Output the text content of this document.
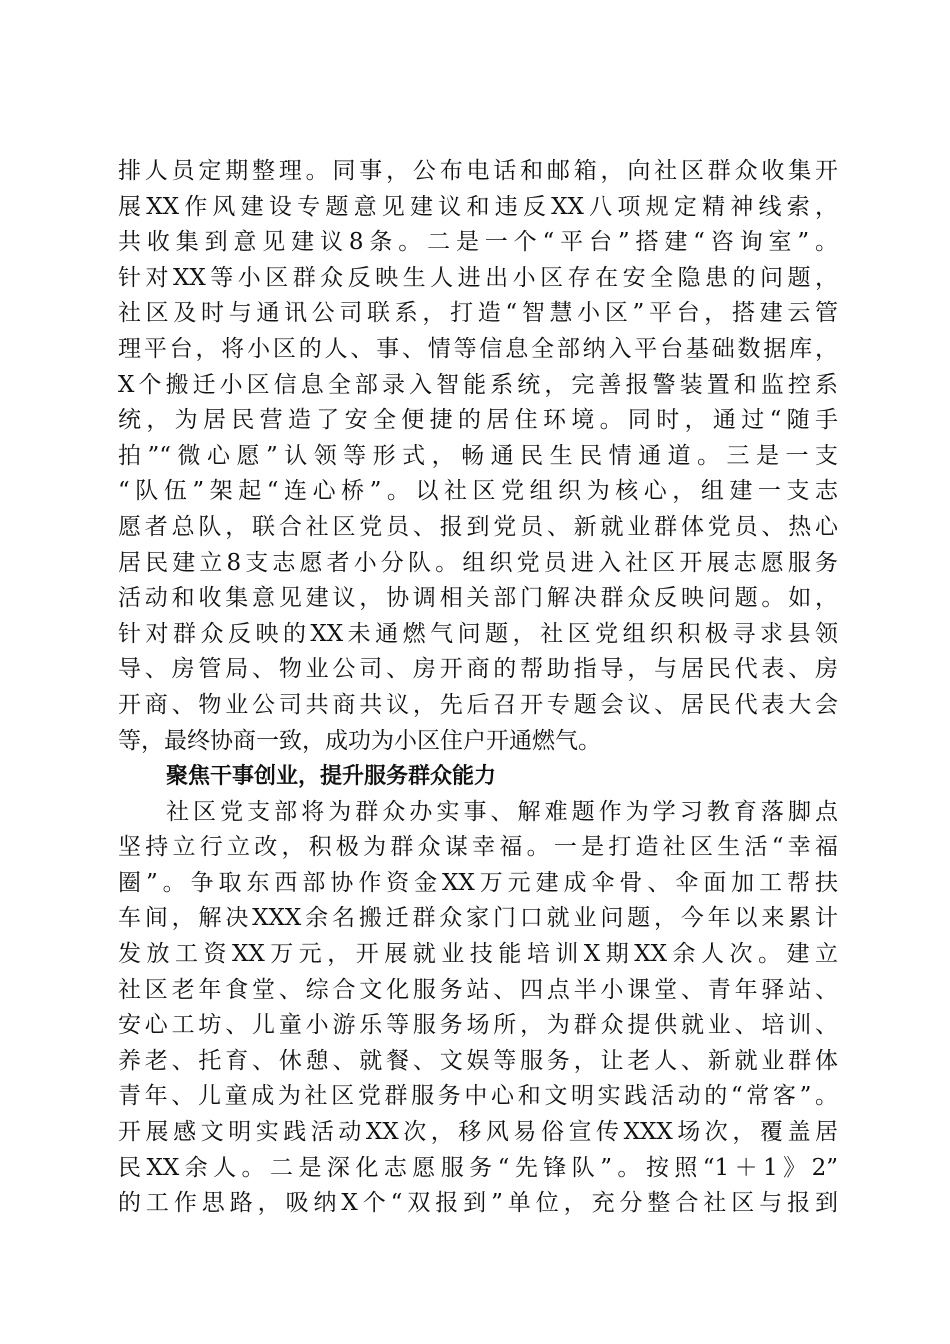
排人员定期整理。同事，公布电话和邮箱，向社区群众收集开
展XX作风建设专题意见建议和违反XX八项规定精神线索，
共收集到意见建议8条。二是一个“平台”搭建“咨询室”。
针对XX等小区群众反映生人进出小区存在安全隐患的问题，
社区及时与通讯公司联系，打造“智慧小区”平台，搭建云管
理平台，将小区的人、事、情等信息全部纳入平台基础数据库，
X个搬迁小区信息全部录入智能系统，完善报警装置和监控系
统，为居民营造了安全便捷的居住环境。同时，通过“随手
拍”“微心愿”认领等形式，畅通民生民情通道。三是一支
“队伍”架起“连心桥”。以社区党组织为核心，组建一支志
愿者总队，联合社区党员、报到党员、新就业群体党员、热心
居民建立8支志愿者小分队。组织党员进入社区开展志愿服务
活动和收集意见建议，协调相关部门解决群众反映问题。如，
针对群众反映的XX未通燃气问题，社区党组织积极寻求县领
导、房管局、物业公司、房开商的帮助指导，与居民代表、房
开商、物业公司共商共议，先后召开专题会议、居民代表大会
等，最终协商一致，成功为小区住户开通燃气。
聚焦干事创业，提升服务群众能力
社区党支部将为群众办实事、解难题作为学习教育落脚点
坚持立行立改，积极为群众谋幸福。一是打造社区生活“幸福
圈”。争取东西部协作资金XX万元建成伞骨、伞面加工帮扶
车间，解决XXX余名搬迁群众家门口就业问题，今年以来累计
发放工资XX万元，开展就业技能培训X期XX余人次。建立
社区老年食堂、综合文化服务站、四点半小课堂、青年驿站、
安心工坊、儿童小游乐等服务场所，为群众提供就业、培训、
养老、托育、休憩、就餐、文娱等服务，让老人、新就业群体
青年、儿童成为社区党群服务中心和文明实践活动的“常客”。
开展感文明实践活动XX次，移风易俗宣传XXX场次，覆盖居
民XX余人。二是深化志愿服务“先锋队”。按照“1＋1》2”
的工作思路，吸纳X个“双报到”单位，充分整合社区与报到
